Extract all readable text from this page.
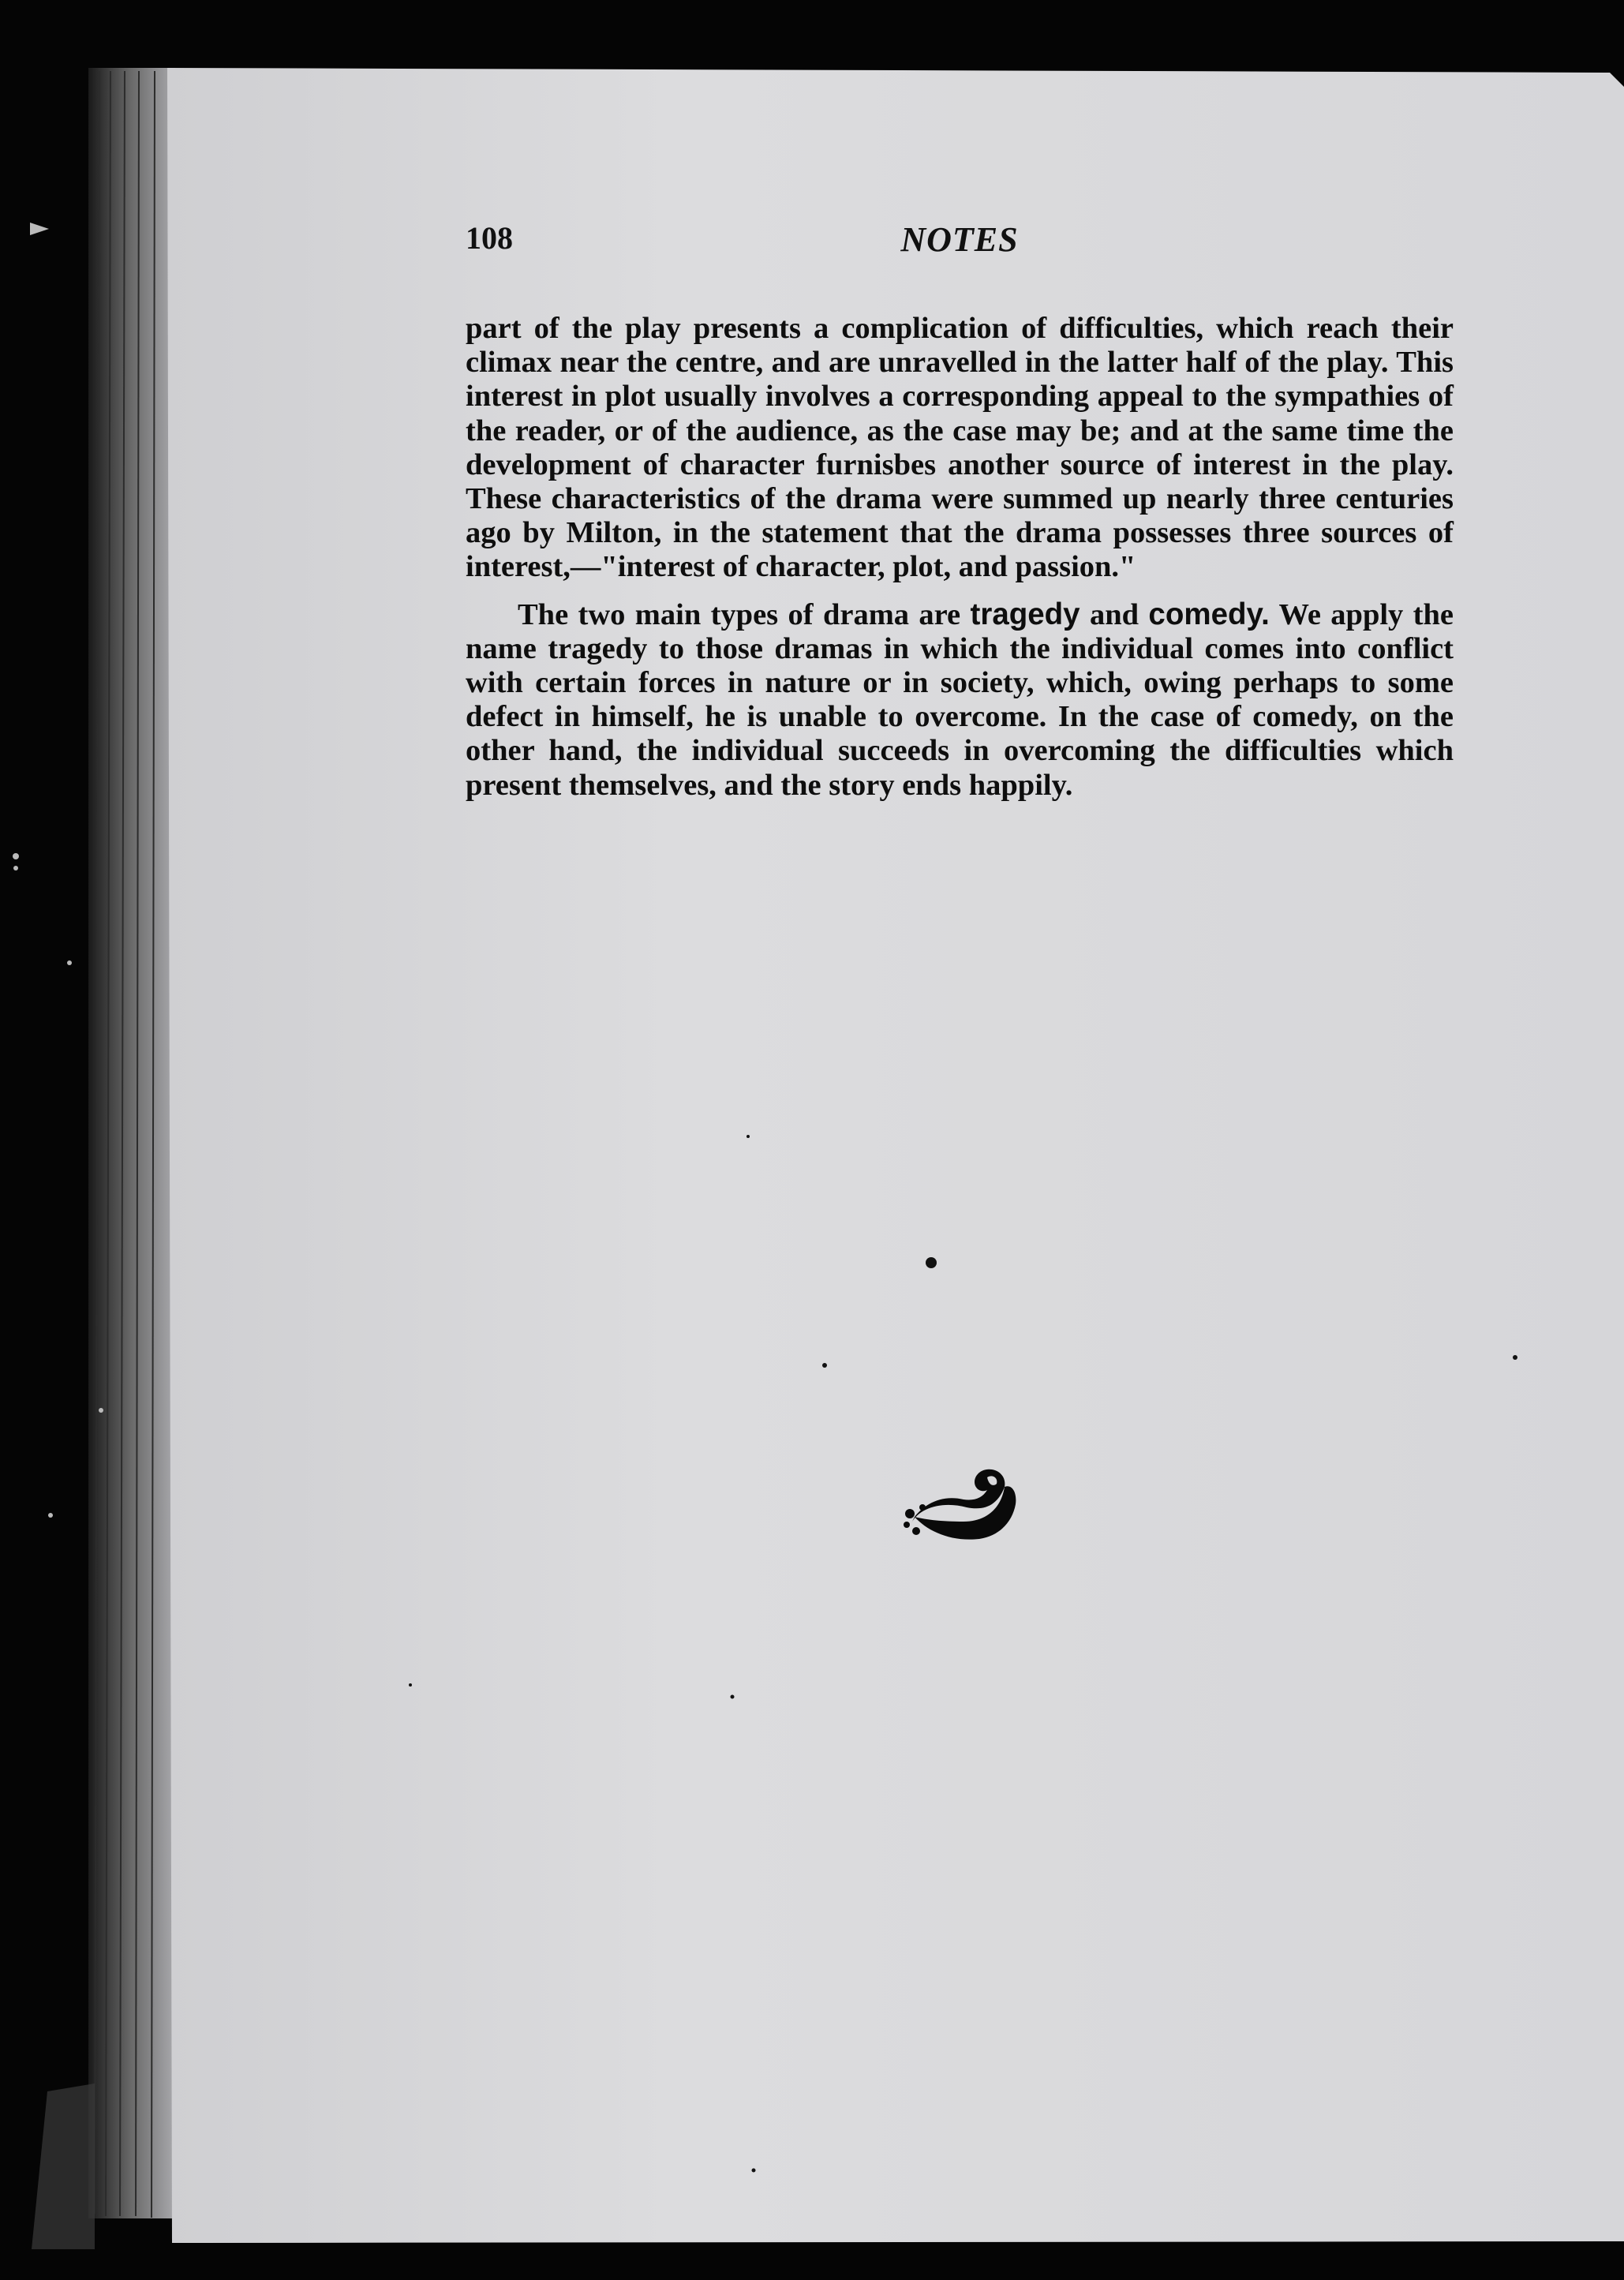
108	NOTES

part of the play presents a complication of difficulties, which reach their climax near the centre, and are unravelled in the latter half of the play. This interest in plot usually involves a corresponding appeal to the sympathies of the reader, or of the audience, as the case may be; and at the same time the development of character furnisbes another source of interest in the play. These characteristics of the drama were summed up nearly three centuries ago by Milton, in the statement that the drama possesses three sources of interest,—"interest of character, plot, and passion."

The two main types of drama are tragedy and comedy. We apply the name tragedy to those dramas in which the individual comes into conflict with certain forces in nature or in society, which, owing perhaps to some defect in himself, he is unable to overcome. In the case of comedy, on the other hand, the individual succeeds in overcoming the difficulties which present themselves, and the story ends happily.
